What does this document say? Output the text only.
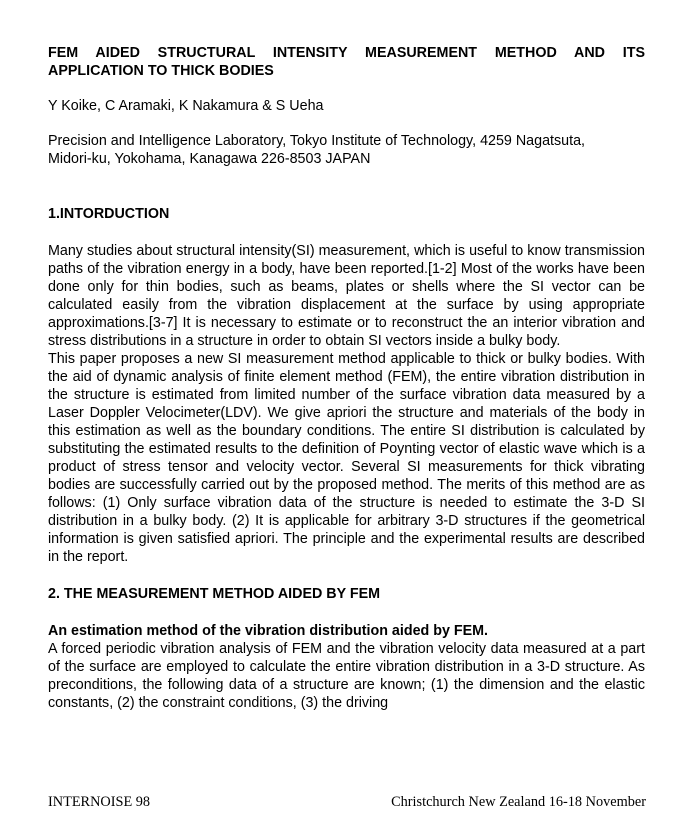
FEM AIDED STRUCTURAL INTENSITY MEASUREMENT METHOD AND ITS APPLICATION TO THICK BODIES

Y Koike, C Aramaki, K Nakamura & S Ueha

Precision and Intelligence Laboratory, Tokyo Institute of Technology, 4259 Nagatsuta,
Midori-ku, Yokohama, Kanagawa 226-8503 JAPAN

1.INTORDUCTION

Many studies about structural intensity(SI) measurement, which is useful to know transmission paths of the vibration energy in a body, have been reported.[1-2] Most of the works have been done only for thin bodies, such as beams, plates or shells where the SI vector can be calculated easily from the vibration displacement at the surface by using appropriate approximations.[3-7] It is necessary to estimate or to reconstruct the an interior vibration and stress distributions in a structure in order to obtain SI vectors inside a bulky body.

This paper proposes a new SI measurement method applicable to thick or bulky bodies. With the aid of dynamic analysis of finite element method (FEM), the entire vibration distribution in the structure is estimated from limited number of the surface vibration data measured by a Laser Doppler Velocimeter(LDV). We give apriori the structure and materials of the body in this estimation as well as the boundary conditions. The entire SI distribution is calculated by substituting the estimated results to the definition of Poynting vector of elastic wave which is a product of stress tensor and velocity vector. Several SI measurements for thick vibrating bodies are successfully carried out by the proposed method. The merits of this method are as follows: (1) Only surface vibration data of the structure is needed to estimate the 3-D SI distribution in a bulky body. (2) It is applicable for arbitrary 3-D structures if the geometrical information is given satisfied apriori. The principle and the experimental results are described in the report.

2. THE MEASUREMENT METHOD AIDED BY FEM

An estimation method of the vibration distribution aided by FEM.

A forced periodic vibration analysis of FEM and the vibration velocity data measured at a part of the surface are employed to calculate the entire vibration distribution in a 3-D structure. As preconditions, the following data of a structure are known; (1) the dimension and the elastic constants, (2) the constraint conditions, (3) the driving

INTERNOISE 98	Christchurch New Zealand 16-18 November
